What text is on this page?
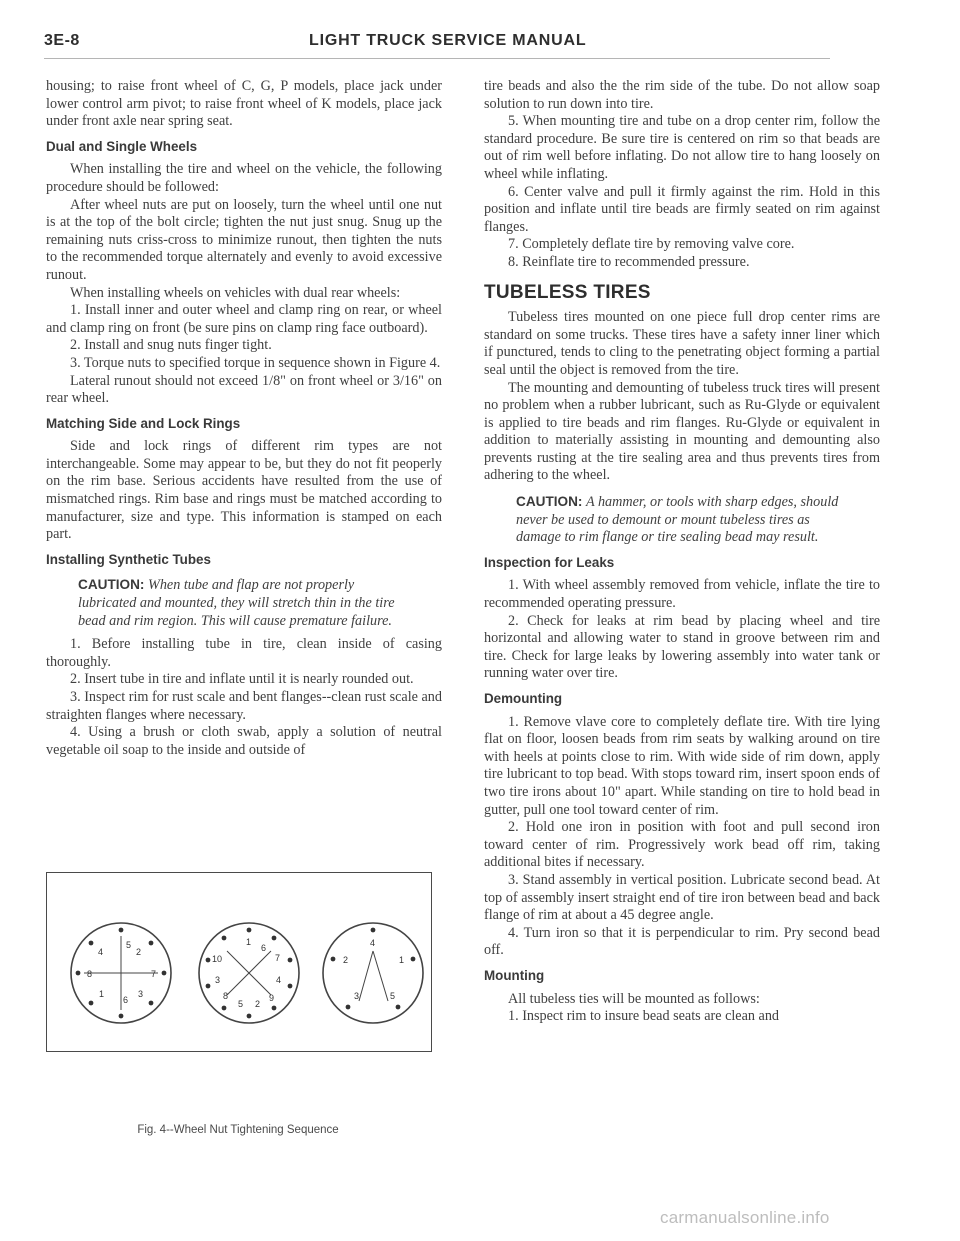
3E-8	LIGHT TRUCK SERVICE MANUAL

housing; to raise front wheel of C, G, P models, place jack under lower control arm pivot; to raise front wheel of K models, place jack under front axle near spring seat.

Dual and Single Wheels

When installing the tire and wheel on the vehicle, the following procedure should be followed:

After wheel nuts are put on loosely, turn the wheel until one nut is at the top of the bolt circle; tighten the nut just snug. Snug up the remaining nuts criss-cross to minimize runout, then tighten the nuts to the recommended torque alternately and evenly to avoid excessive runout.

When installing wheels on vehicles with dual rear wheels:

1. Install inner and outer wheel and clamp ring on rear, or wheel and clamp ring on front (be sure pins on clamp ring face outboard).

2. Install and snug nuts finger tight.

3. Torque nuts to specified torque in sequence shown in Figure 4.

Lateral runout should not exceed 1/8" on front wheel or 3/16" on rear wheel.

Matching Side and Lock Rings

Side and lock rings of different rim types are not interchangeable. Some may appear to be, but they do not fit peoperly on the rim base. Serious accidents have resulted from the use of mismatched rings. Rim base and rings must be matched according to manufacturer, size and type. This information is stamped on each part.

Installing Synthetic Tubes

CAUTION: When tube and flap are not properly lubricated and mounted, they will stretch thin in the tire bead and rim region. This will cause premature failure.

1. Before installing tube in tire, clean inside of casing thoroughly.

2. Insert tube in tire and inflate until it is nearly rounded out.

3. Inspect rim for rust scale and bent flanges--clean rust scale and straighten flanges where necessary.

4. Using a brush or cloth swab, apply a solution of neutral vegetable oil soap to the inside and outside of

5
2
7
3
6
1
8
4
1
6
7
4
9
2
5
8
3
10
4
1
5
3
2
Fig. 4--Wheel Nut Tightening Sequence

tire beads and also the the rim side of the tube. Do not allow soap solution to run down into tire.

5. When mounting tire and tube on a drop center rim, follow the standard procedure. Be sure tire is centered on rim so that beads are out of rim well before inflating. Do not allow tire to hang loosely on wheel while inflating.

6. Center valve and pull it firmly against the rim. Hold in this position and inflate until tire beads are firmly seated on rim against flanges.

7. Completely deflate tire by removing valve core.

8. Reinflate tire to recommended pressure.

TUBELESS TIRES

Tubeless tires mounted on one piece full drop center rims are standard on some trucks. These tires have a safety inner liner which if punctured, tends to cling to the penetrating object forming a partial seal until the object is removed from the tire.

The mounting and demounting of tubeless truck tires will present no problem when a rubber lubricant, such as Ru-Glyde or equivalent is applied to tire beads and rim flanges. Ru-Glyde or equivalent in addition to materially assisting in mounting and demounting also prevents rusting at the tire sealing area and thus prevents tires from adhering to the wheel.

CAUTION: A hammer, or tools with sharp edges, should never be used to demount or mount tubeless tires as damage to rim flange or tire sealing bead may result.

Inspection for Leaks

1. With wheel assembly removed from vehicle, inflate the tire to recommended operating pressure.

2. Check for leaks at rim bead by placing wheel and tire horizontal and allowing water to stand in groove between rim and tire. Check for large leaks by lowering assembly into water tank or running water over tire.

Demounting

1. Remove vlave core to completely deflate tire. With tire lying flat on floor, loosen beads from rim seats by walking around on tire with heels at points close to rim. With wide side of rim down, apply tire lubricant to top bead. With stops toward rim, insert spoon ends of two tire irons about 10" apart. While standing on tire to hold bead in gutter, pull one tool toward center of rim.

2. Hold one iron in position with foot and pull second iron toward center of rim. Progressively work bead off rim, taking additional bites if necessary.

3. Stand assembly in vertical position. Lubricate second bead. At top of assembly insert straight end of tire iron between bead and back flange of rim at about a 45 degree angle.

4. Turn iron so that it is perpendicular to rim. Pry second bead off.

Mounting

All tubeless ties will be mounted as follows:

1. Inspect rim to insure bead seats are clean and

carmanualsonline.info
